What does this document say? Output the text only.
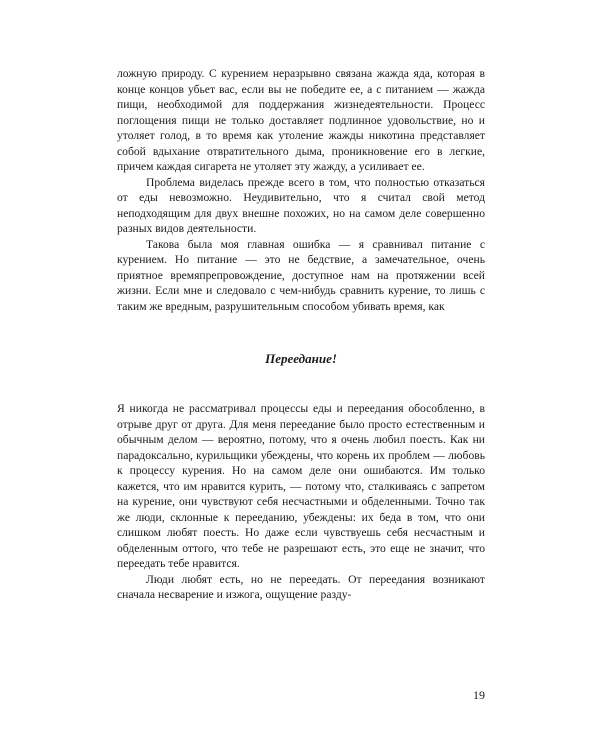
ложную природу. С курением неразрывно связана жажда яда, которая в конце концов убьет вас, если вы не победите ее, а с питанием — жажда пищи, необходимой для поддержания жизнедеятельности. Процесс поглощения пищи не только доставляет подлинное удовольствие, но и утоляет голод, в то время как утоление жажды никотина представляет собой вдыхание отвратительного дыма, проникновение его в легкие, причем каждая сигарета не утоляет эту жажду, а усиливает ее.

Проблема виделась прежде всего в том, что полностью отказаться от еды невозможно. Неудивительно, что я считал свой метод неподходящим для двух внешне похожих, но на самом деле совершенно разных видов деятельности.

Такова была моя главная ошибка — я сравнивал питание с курением. Но питание — это не бедствие, а замечательное, очень приятное времяпрепровождение, доступное нам на протяжении всей жизни. Если мне и следовало с чем-нибудь сравнить курение, то лишь с таким же вредным, разрушительным способом убивать время, как

Переедание!

Я никогда не рассматривал процессы еды и переедания обособленно, в отрыве друг от друга. Для меня переедание было просто естественным и обычным делом — вероятно, потому, что я очень любил поесть. Как ни парадоксально, курильщики убеждены, что корень их проблем — любовь к процессу курения. Но на самом деле они ошибаются. Им только кажется, что им нравится курить, — потому что, сталкиваясь с запретом на курение, они чувствуют себя несчастными и обделенными. Точно так же люди, склонные к перееданию, убеждены: их беда в том, что они слишком любят поесть. Но даже если чувствуешь себя несчастным и обделенным оттого, что тебе не разрешают есть, это еще не значит, что переедать тебе нравится.

Люди любят есть, но не переедать. От переедания возникают сначала несварение и изжога, ощущение разду-

19
